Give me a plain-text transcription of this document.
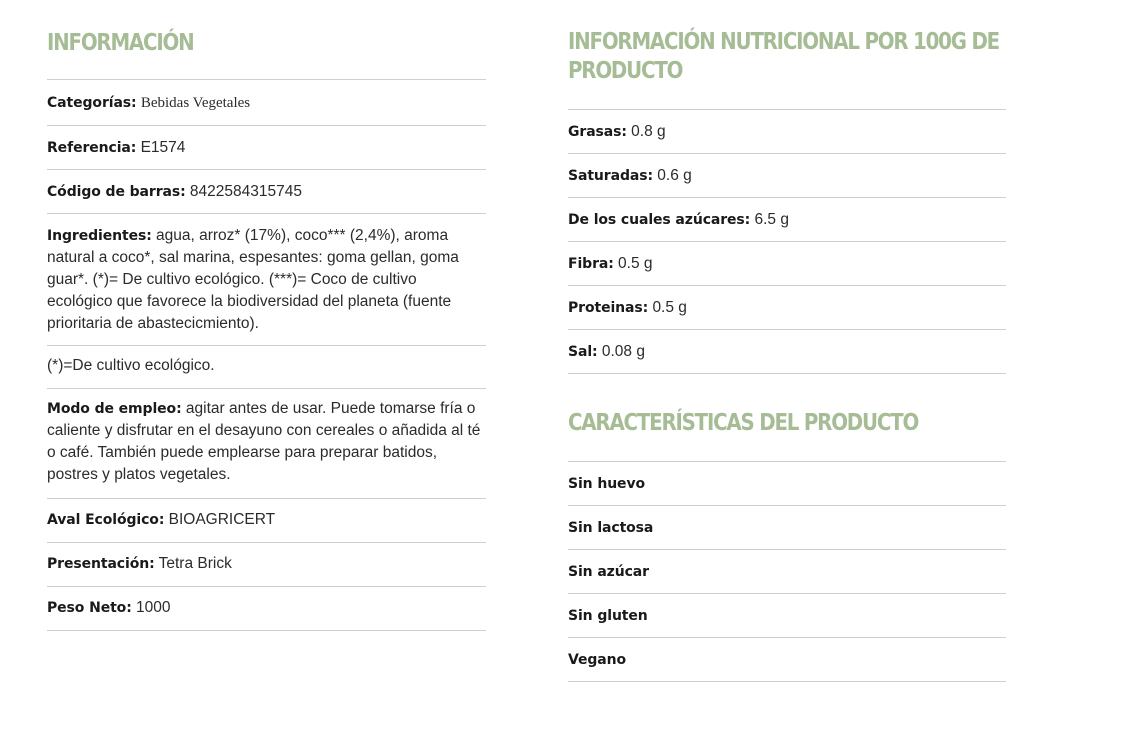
INFORMACIÓN
Categorías: Bebidas Vegetales
Referencia: E1574
Código de barras: 8422584315745
Ingredientes: agua, arroz* (17%), coco*** (2,4%), aroma natural a coco*, sal marina, espesantes: goma gellan, goma guar*. (*)= De cultivo ecológico. (***)= Coco de cultivo ecológico que favorece la biodiversidad del planeta (fuente prioritaria de abastecicmiento).
(*)=De cultivo ecológico.
Modo de empleo: agitar antes de usar. Puede tomarse fría o caliente y disfrutar en el desayuno con cereales o añadida al té o café. También puede emplearse para preparar batidos, postres y platos vegetales.
Aval Ecológico: BIOAGRICERT
Presentación: Tetra Brick
Peso Neto: 1000
INFORMACIÓN NUTRICIONAL POR 100G DE PRODUCTO
Grasas: 0.8 g
Saturadas: 0.6 g
De los cuales azúcares: 6.5 g
Fibra: 0.5 g
Proteinas: 0.5 g
Sal: 0.08 g
CARACTERÍSTICAS DEL PRODUCTO
Sin huevo
Sin lactosa
Sin azúcar
Sin gluten
Vegano
